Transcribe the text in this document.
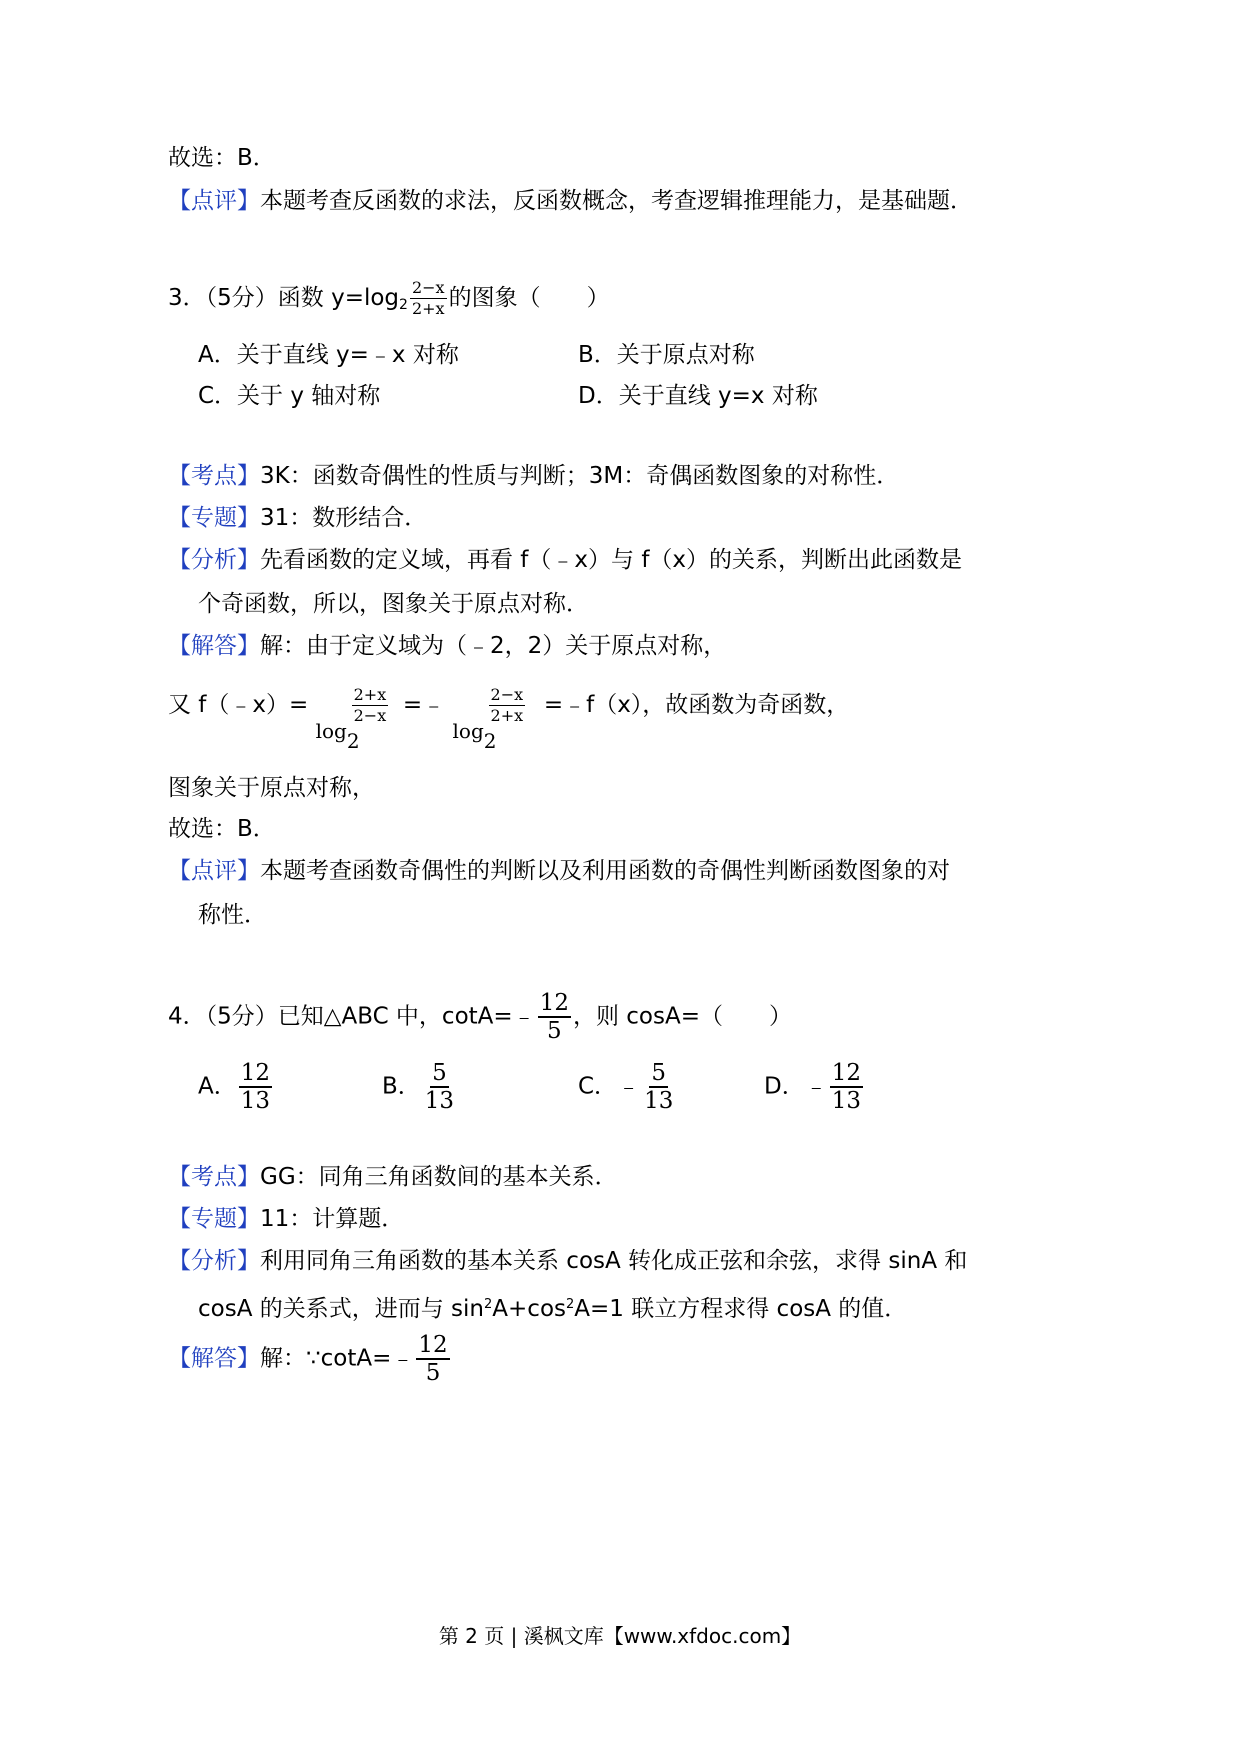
故选：B．
【点评】本题考查反函数的求法，反函数概念，考查逻辑推理能力，是基础题．
3．（5分）函数 $y=\log_2 \frac{2-x}{2+x}$ 的图象（　　）
A．关于直线 y=﹣x 对称	B．关于原点对称
C．关于 y 轴对称	D．关于直线 y=x 对称
【考点】3K：函数奇偶性的性质与判断；3M：奇偶函数图象的对称性．
【专题】31：数形结合．
【分析】先看函数的定义域，再看 f（﹣x）与 f（x）的关系，判断出此函数是
个奇函数，所以，图象关于原点对称．
【解答】解：由于定义域为（﹣2，2）关于原点对称，
又 f（﹣x）=	$\frac{2+x}{2-x}$
log2
=﹣	$\frac{2-x}{2+x}$
log2
=﹣f（x），故函数为奇函数，
图象关于原点对称，
故选：B．
【点评】本题考查函数奇偶性的判断以及利用函数的奇偶性判断函数图象的对
称性．
4．（5分）已知△ABC 中，cotA=﹣ $\frac{12}{5}$ ，则 cosA=（　　）
A． $\frac{12}{13}$	B． $\frac{5}{13}$	C．﹣ $\frac{5}{13}$	D．﹣ $\frac{12}{13}$
【考点】GG：同角三角函数间的基本关系．
【专题】11：计算题．
【分析】利用同角三角函数的基本关系 cosA 转化成正弦和余弦，求得 sinA 和
cosA 的关系式，进而与 $\sin^2A+\cos^2A=1$ 联立方程求得 cosA 的值．
【解答】解：∵cotA=﹣ $\frac{12}{5}$
第 2 页 | 溪枫文库【www.xfdoc.com】
